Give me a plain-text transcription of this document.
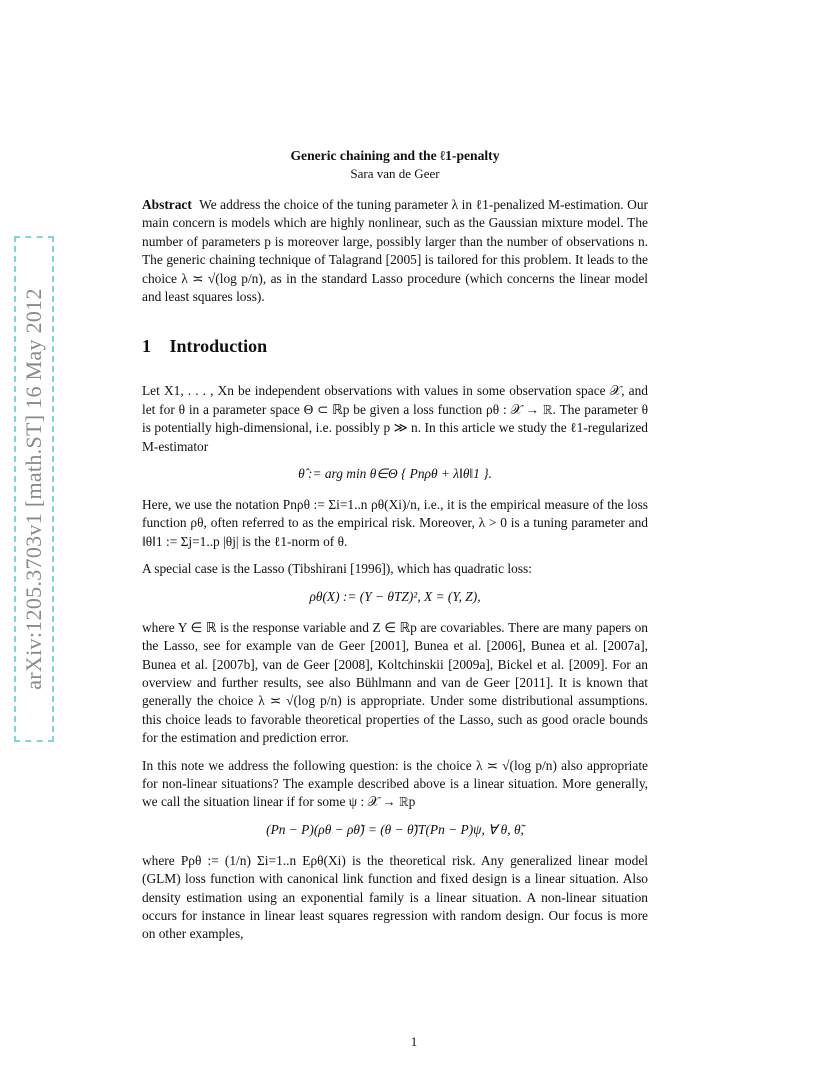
arXiv:1205.3703v1 [math.ST] 16 May 2012
Generic chaining and the ℓ1-penalty
Sara van de Geer

Abstract We address the choice of the tuning parameter λ in ℓ1-penalized M-estimation. Our main concern is models which are highly nonlinear, such as the Gaussian mixture model. The number of parameters p is moreover large, possibly larger than the number of observations n. The generic chaining technique of Talagrand [2005] is tailored for this problem. It leads to the choice λ ≍ √(log p/n), as in the standard Lasso procedure (which concerns the linear model and least squares loss).

1 Introduction

Let X1, . . . , Xn be independent observations with values in some observation space 𝒳, and let for θ in a parameter space Θ ⊂ ℝp be given a loss function ρθ : 𝒳 → ℝ. The parameter θ is potentially high-dimensional, i.e. possibly p ≫ n. In this article we study the ℓ1-regularized M-estimator

θ̂ := arg min θ∈Θ { Pnρθ + λ‖θ‖1 }.

Here, we use the notation Pnρθ := Σi=1..n ρθ(Xi)/n, i.e., it is the empirical measure of the loss function ρθ, often referred to as the empirical risk. Moreover, λ > 0 is a tuning parameter and ‖θ‖1 := Σj=1..p |θj| is the ℓ1-norm of θ.

A special case is the Lasso (Tibshirani [1996]), which has quadratic loss:

ρθ(X) := (Y − θTZ)², X = (Y, Z),

where Y ∈ ℝ is the response variable and Z ∈ ℝp are covariables. There are many papers on the Lasso, see for example van de Geer [2001], Bunea et al. [2006], Bunea et al. [2007a], Bunea et al. [2007b], van de Geer [2008], Koltchinskii [2009a], Bickel et al. [2009]. For an overview and further results, see also Bühlmann and van de Geer [2011]. It is known that generally the choice λ ≍ √(log p/n) is appropriate. Under some distributional assumptions. this choice leads to favorable theoretical properties of the Lasso, such as good oracle bounds for the estimation and prediction error.

In this note we address the following question: is the choice λ ≍ √(log p/n) also appropriate for non-linear situations? The example described above is a linear situation. More generally, we call the situation linear if for some ψ : 𝒳 → ℝp

(Pn − P)(ρθ − ρθ̃) = (θ − θ̃)T(Pn − P)ψ, ∀ θ, θ̃,

where Pρθ := (1/n) Σi=1..n Eρθ(Xi) is the theoretical risk. Any generalized linear model (GLM) loss function with canonical link function and fixed design is a linear situation. Also density estimation using an exponential family is a linear situation. A non-linear situation occurs for instance in linear least squares regression with random design. Our focus is more on other examples,

1
